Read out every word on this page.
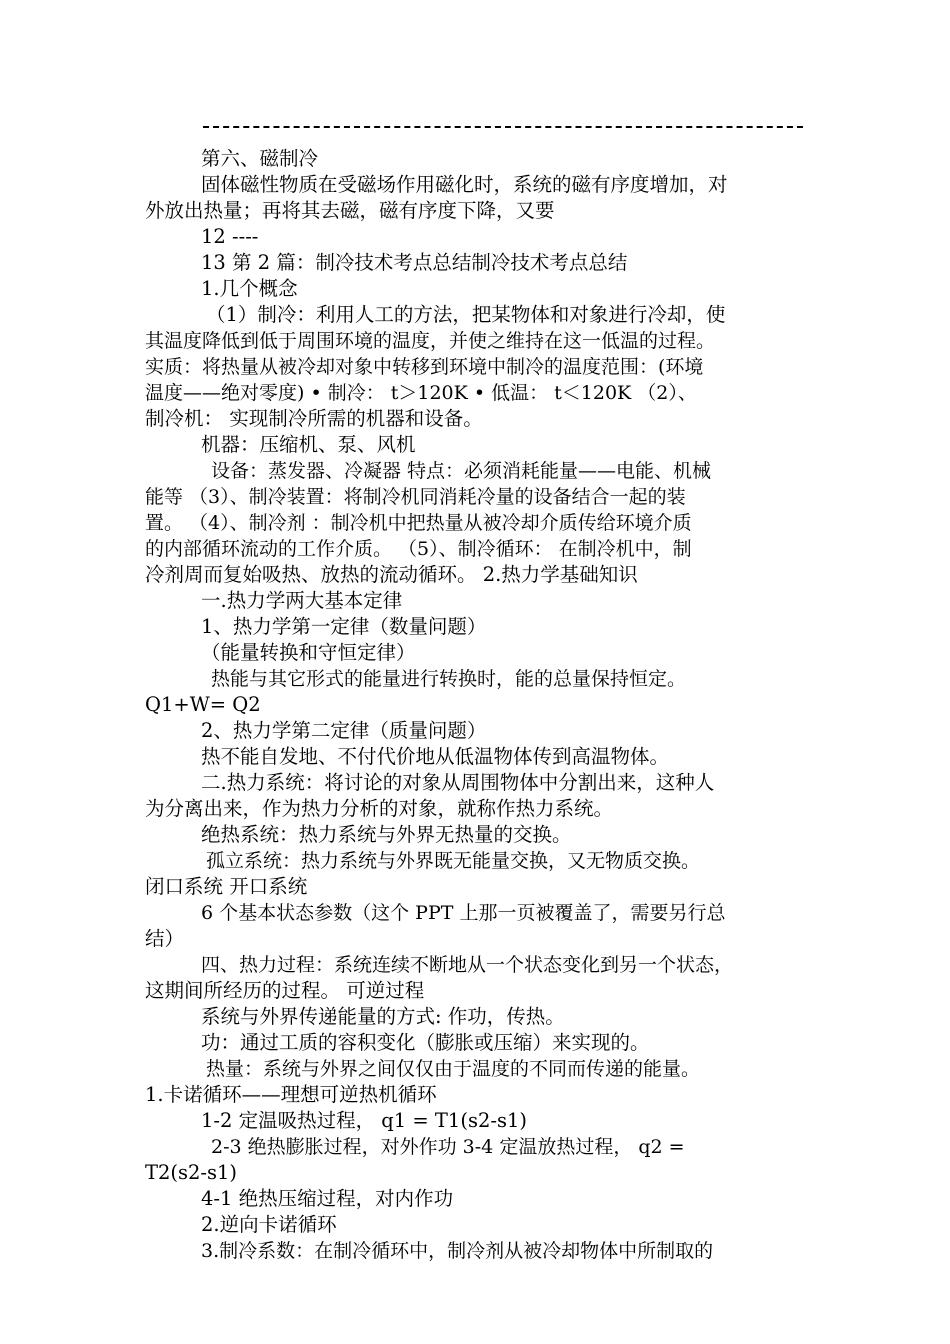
第六、磁制冷
固体磁性物质在受磁场作用磁化时，系统的磁有序度增加，对
外放出热量；再将其去磁，磁有序度下降，又要
12 ----
13 第 2 篇：制冷技术考点总结制冷技术考点总结
1.几个概念
（1）制冷：利用人工的方法，把某物体和对象进行冷却，使
其温度降低到低于周围环境的温度，并使之维持在这一低温的过程。
实质：将热量从被冷却对象中转移到环境中制冷的温度范围：(环境
温度——绝对零度) • 制冷： t＞120K • 低温： t＜120K （2）、
制冷机： 实现制冷所需的机器和设备。
机器：压缩机、泵、风机
设备：蒸发器、冷凝器 特点：必须消耗能量——电能、机械
能等 （3）、制冷装置：将制冷机同消耗冷量的设备结合一起的装
置。 （4）、制冷剂 ：制冷机中把热量从被冷却介质传给环境介质
的内部循环流动的工作介质。 （5）、制冷循环： 在制冷机中，制
冷剂周而复始吸热、放热的流动循环。 2.热力学基础知识
一.热力学两大基本定律
1、热力学第一定律（数量问题）
（能量转换和守恒定律）
热能与其它形式的能量进行转换时，能的总量保持恒定。
Q1+W= Q2
2、热力学第二定律（质量问题）
热不能自发地、不付代价地从低温物体传到高温物体。
二.热力系统：将讨论的对象从周围物体中分割出来，这种人
为分离出来，作为热力分析的对象，就称作热力系统。
绝热系统：热力系统与外界无热量的交换。
孤立系统：热力系统与外界既无能量交换，又无物质交换。
闭口系统 开口系统
6 个基本状态参数（这个 PPT 上那一页被覆盖了，需要另行总
结）
四、热力过程：系统连续不断地从一个状态变化到另一个状态，
这期间所经历的过程。 可逆过程
系统与外界传递能量的方式: 作功，传热。
功：通过工质的容积变化（膨胀或压缩）来实现的。
热量：系统与外界之间仅仅由于温度的不同而传递的能量。
1.卡诺循环——理想可逆热机循环
1-2 定温吸热过程， q1 = T1(s2-s1)
2-3 绝热膨胀过程，对外作功 3-4 定温放热过程， q2 =
T2(s2-s1)
4-1 绝热压缩过程，对内作功
2.逆向卡诺循环
3.制冷系数：在制冷循环中，制冷剂从被冷却物体中所制取的
